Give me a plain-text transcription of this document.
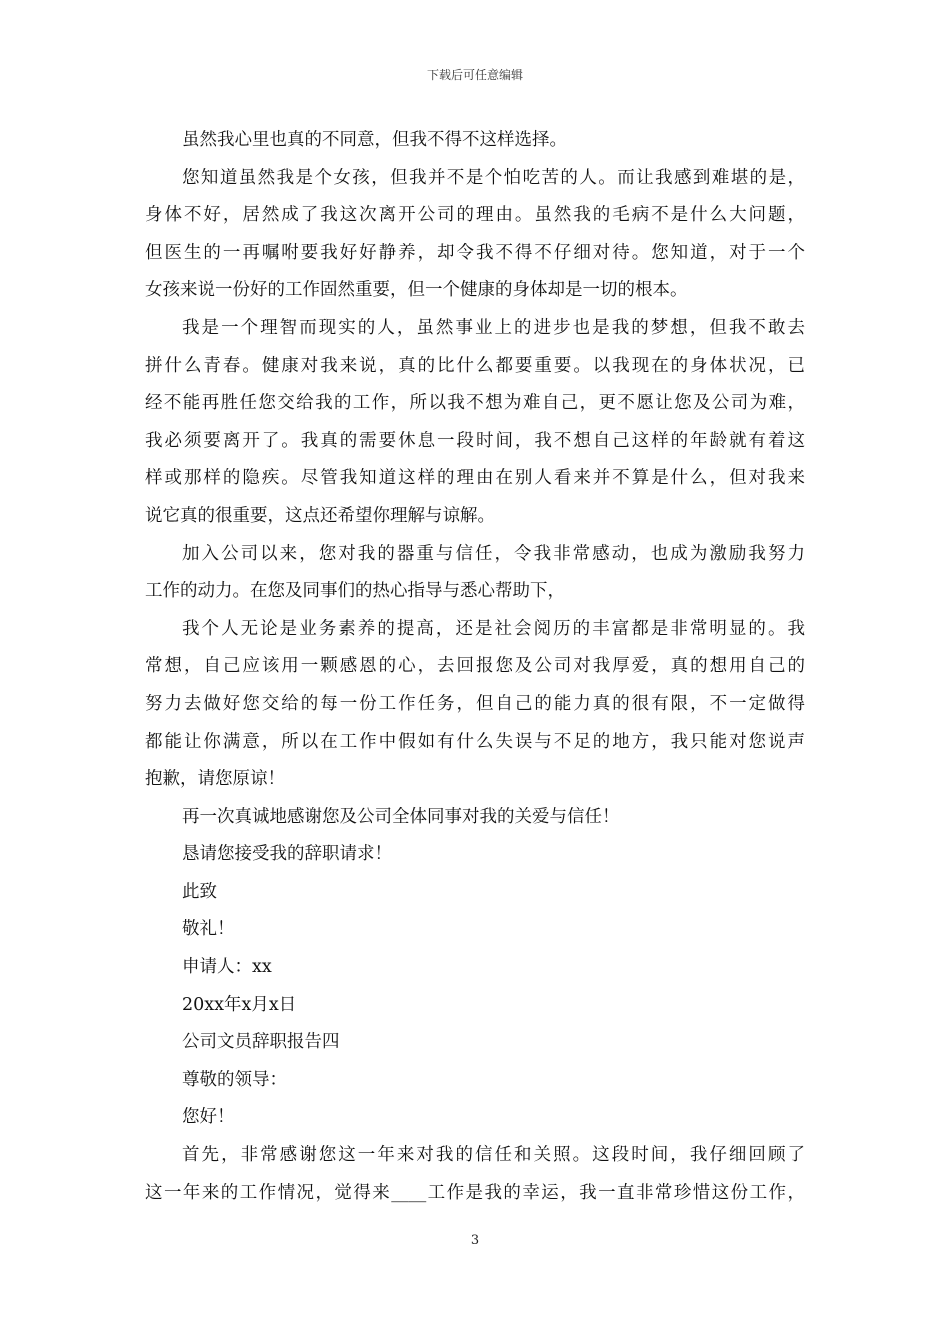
下载后可任意编辑
虽然我心里也真的不同意，但我不得不这样选择。
您知道虽然我是个女孩，但我并不是个怕吃苦的人。而让我感到难堪的是，
身体不好，居然成了我这次离开公司的理由。虽然我的毛病不是什么大问题，
但医生的一再嘱咐要我好好静养，却令我不得不仔细对待。您知道，对于一个
女孩来说一份好的工作固然重要，但一个健康的身体却是一切的根本。
我是一个理智而现实的人，虽然事业上的进步也是我的梦想，但我不敢去
拼什么青春。健康对我来说，真的比什么都要重要。以我现在的身体状况，已
经不能再胜任您交给我的工作，所以我不想为难自己，更不愿让您及公司为难，
我必须要离开了。我真的需要休息一段时间，我不想自己这样的年龄就有着这
样或那样的隐疾。尽管我知道这样的理由在别人看来并不算是什么，但对我来
说它真的很重要，这点还希望你理解与谅解。
加入公司以来，您对我的器重与信任，令我非常感动，也成为激励我努力
工作的动力。在您及同事们的热心指导与悉心帮助下，
我个人无论是业务素养的提高，还是社会阅历的丰富都是非常明显的。我
常想，自己应该用一颗感恩的心，去回报您及公司对我厚爱，真的想用自己的
努力去做好您交给的每一份工作任务，但自己的能力真的很有限，不一定做得
都能让你满意，所以在工作中假如有什么失误与不足的地方，我只能对您说声
抱歉，请您原谅！
再一次真诚地感谢您及公司全体同事对我的关爱与信任！
恳请您接受我的辞职请求！
此致
敬礼！
申请人：xx
20xx年x月x日
公司文员辞职报告四
尊敬的领导：
您好！
首先，非常感谢您这一年来对我的信任和关照。这段时间，我仔细回顾了
这一年来的工作情况，觉得来____工作是我的幸运，我一直非常珍惜这份工作，
3
